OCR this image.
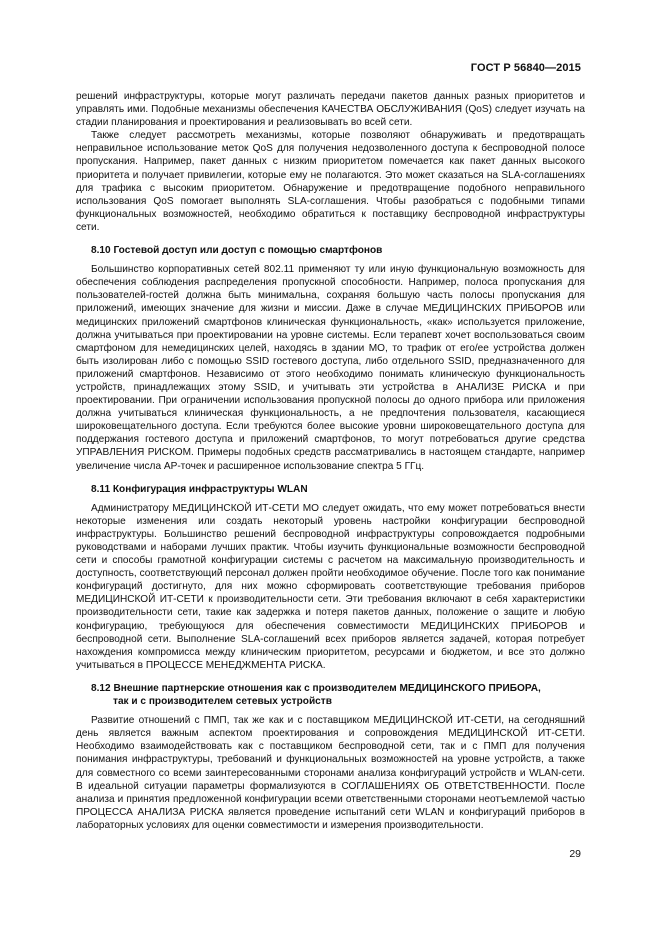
ГОСТ Р 56840—2015

решений инфраструктуры, которые могут различать передачи пакетов данных разных приоритетов и управлять ими. Подобные механизмы обеспечения КАЧЕСТВА ОБСЛУЖИВАНИЯ (QoS) следует изучать на стадии планирования и проектирования и реализовывать во всей сети.

Также следует рассмотреть механизмы, которые позволяют обнаруживать и предотвращать неправильное использование меток QoS для получения недозволенного доступа к беспроводной полосе пропускания. Например, пакет данных с низким приоритетом помечается как пакет данных высокого приоритета и получает привилегии, которые ему не полагаются. Это может сказаться на SLA-соглашениях для трафика с высоким приоритетом. Обнаружение и предотвращение подобного неправильного использования QoS помогает выполнять SLA-соглашения. Чтобы разобраться с подобными типами функциональных возможностей, необходимо обратиться к поставщику беспроводной инфраструктуры сети.

8.10 Гостевой доступ или доступ с помощью смартфонов

Большинство корпоративных сетей 802.11 применяют ту или иную функциональную возможность для обеспечения соблюдения распределения пропускной способности. Например, полоса пропускания для пользователей-гостей должна быть минимальна, сохраняя большую часть полосы пропускания для приложений, имеющих значение для жизни и миссии. Даже в случае МЕДИЦИНСКИХ ПРИБОРОВ или медицинских приложений смартфонов клиническая функциональность, «как» используется приложение, должна учитываться при проектировании на уровне системы. Если терапевт хочет воспользоваться своим смартфоном для немедицинских целей, находясь в здании МО, то трафик от его/ее устройства должен быть изолирован либо с помощью SSID гостевого доступа, либо отдельного SSID, предназначенного для приложений смартфонов. Независимо от этого необходимо понимать клиническую функциональность устройств, принадлежащих этому SSID, и учитывать эти устройства в АНАЛИЗЕ РИСКА и при проектировании. При ограничении использования пропускной полосы до одного прибора или приложения должна учитываться клиническая функциональность, а не предпочтения пользователя, касающиеся широковещательного доступа. Если требуются более высокие уровни широковещательного доступа для поддержания гостевого доступа и приложений смартфонов, то могут потребоваться другие средства УПРАВЛЕНИЯ РИСКОМ. Примеры подобных средств рассматривались в настоящем стандарте, например увеличение числа AP-точек и расширенное использование спектра 5 ГГц.

8.11 Конфигурация инфраструктуры WLAN

Администратору МЕДИЦИНСКОЙ ИТ-СЕТИ МО следует ожидать, что ему может потребоваться внести некоторые изменения или создать некоторый уровень настройки конфигурации беспроводной инфраструктуры. Большинство решений беспроводной инфраструктуры сопровождается подробными руководствами и наборами лучших практик. Чтобы изучить функциональные возможности беспроводной сети и способы грамотной конфигурации системы с расчетом на максимальную производительность и доступность, соответствующий персонал должен пройти необходимое обучение. После того как понимание конфигураций достигнуто, для них можно сформировать соответствующие требования приборов МЕДИЦИНСКОЙ ИТ-СЕТИ к производительности сети. Эти требования включают в себя характеристики производительности сети, такие как задержка и потеря пакетов данных, положение о защите и любую конфигурацию, требующуюся для обеспечения совместимости МЕДИЦИНСКИХ ПРИБОРОВ и беспроводной сети. Выполнение SLA-соглашений всех приборов является задачей, которая потребует нахождения компромисса между клиническим приоритетом, ресурсами и бюджетом, и все это должно учитываться в ПРОЦЕССЕ МЕНЕДЖМЕНТА РИСКА.

8.12 Внешние партнерские отношения как с производителем МЕДИЦИНСКОГО ПРИБОРА,
так и с производителем сетевых устройств

Развитие отношений с ПМП, так же как и с поставщиком МЕДИЦИНСКОЙ ИТ-СЕТИ, на сегодняшний день является важным аспектом проектирования и сопровождения МЕДИЦИНСКОЙ ИТ-СЕТИ. Необходимо взаимодействовать как с поставщиком беспроводной сети, так и с ПМП для получения понимания инфраструктуры, требований и функциональных возможностей на уровне устройств, а также для совместного со всеми заинтересованными сторонами анализа конфигураций устройств и WLAN-сети. В идеальной ситуации параметры формализуются в СОГЛАШЕНИЯХ ОБ ОТВЕТСТВЕННОСТИ. После анализа и принятия предложенной конфигурации всеми ответственными сторонами неотъемлемой частью ПРОЦЕССА АНАЛИЗА РИСКА является проведение испытаний сети WLAN и конфигураций приборов в лабораторных условиях для оценки совместимости и измерения производительности.

29
